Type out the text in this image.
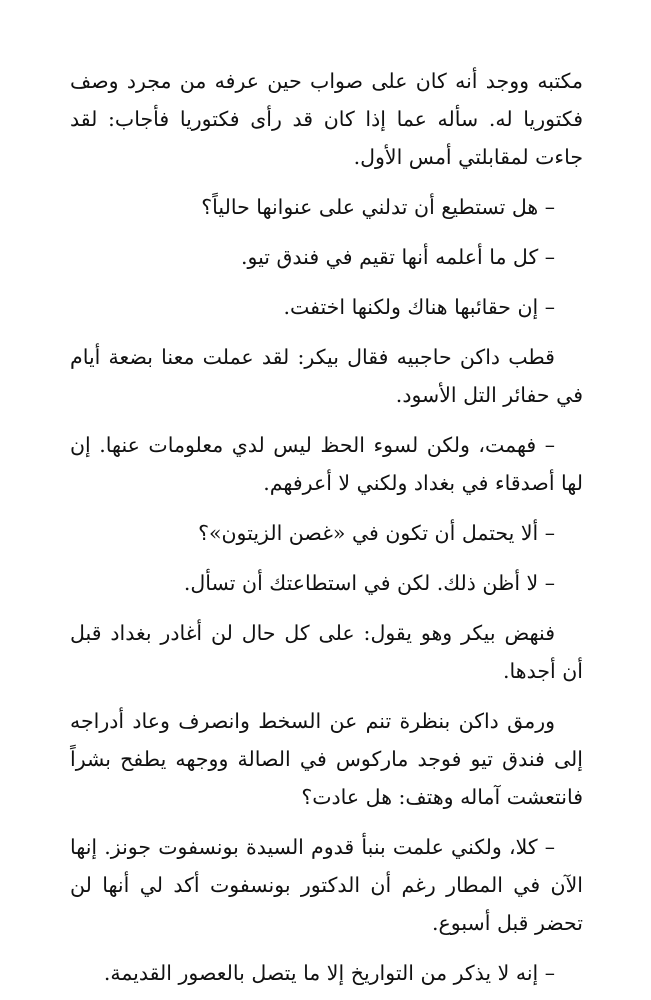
مكتبه ووجد أنه كان على صواب حين عرفه من مجرد وصف فكتوريا له. سأله عما إذا كان قد رأى فكتوريا فأجاب: لقد جاءت لمقابلتي أمس الأول.

– هل تستطيع أن تدلني على عنوانها حالياً؟

– كل ما أعلمه أنها تقيم في فندق تيو.

– إن حقائبها هناك ولكنها اختفت.

قطب داكن حاجبيه فقال بيكر: لقد عملت معنا بضعة أيام في حفائر التل الأسود.

– فهمت، ولكن لسوء الحظ ليس لدي معلومات عنها. إن لها أصدقاء في بغداد ولكني لا أعرفهم.

– ألا يحتمل أن تكون في «غصن الزيتون»؟

– لا أظن ذلك. لكن في استطاعتك أن تسأل.

فنهض بيكر وهو يقول: على كل حال لن أغادر بغداد قبل أن أجدها.

ورمق داكن بنظرة تنم عن السخط وانصرف وعاد أدراجه إلى فندق تيو فوجد ماركوس في الصالة ووجهه يطفح بشراً فانتعشت آماله وهتف: هل عادت؟

– كلا، ولكني علمت بنبأ قدوم السيدة بونسفوت جونز. إنها الآن في المطار رغم أن الدكتور بونسفوت أكد لي أنها لن تحضر قبل أسبوع.

– إنه لا يذكر من التواريخ إلا ما يتصل بالعصور القديمة.
